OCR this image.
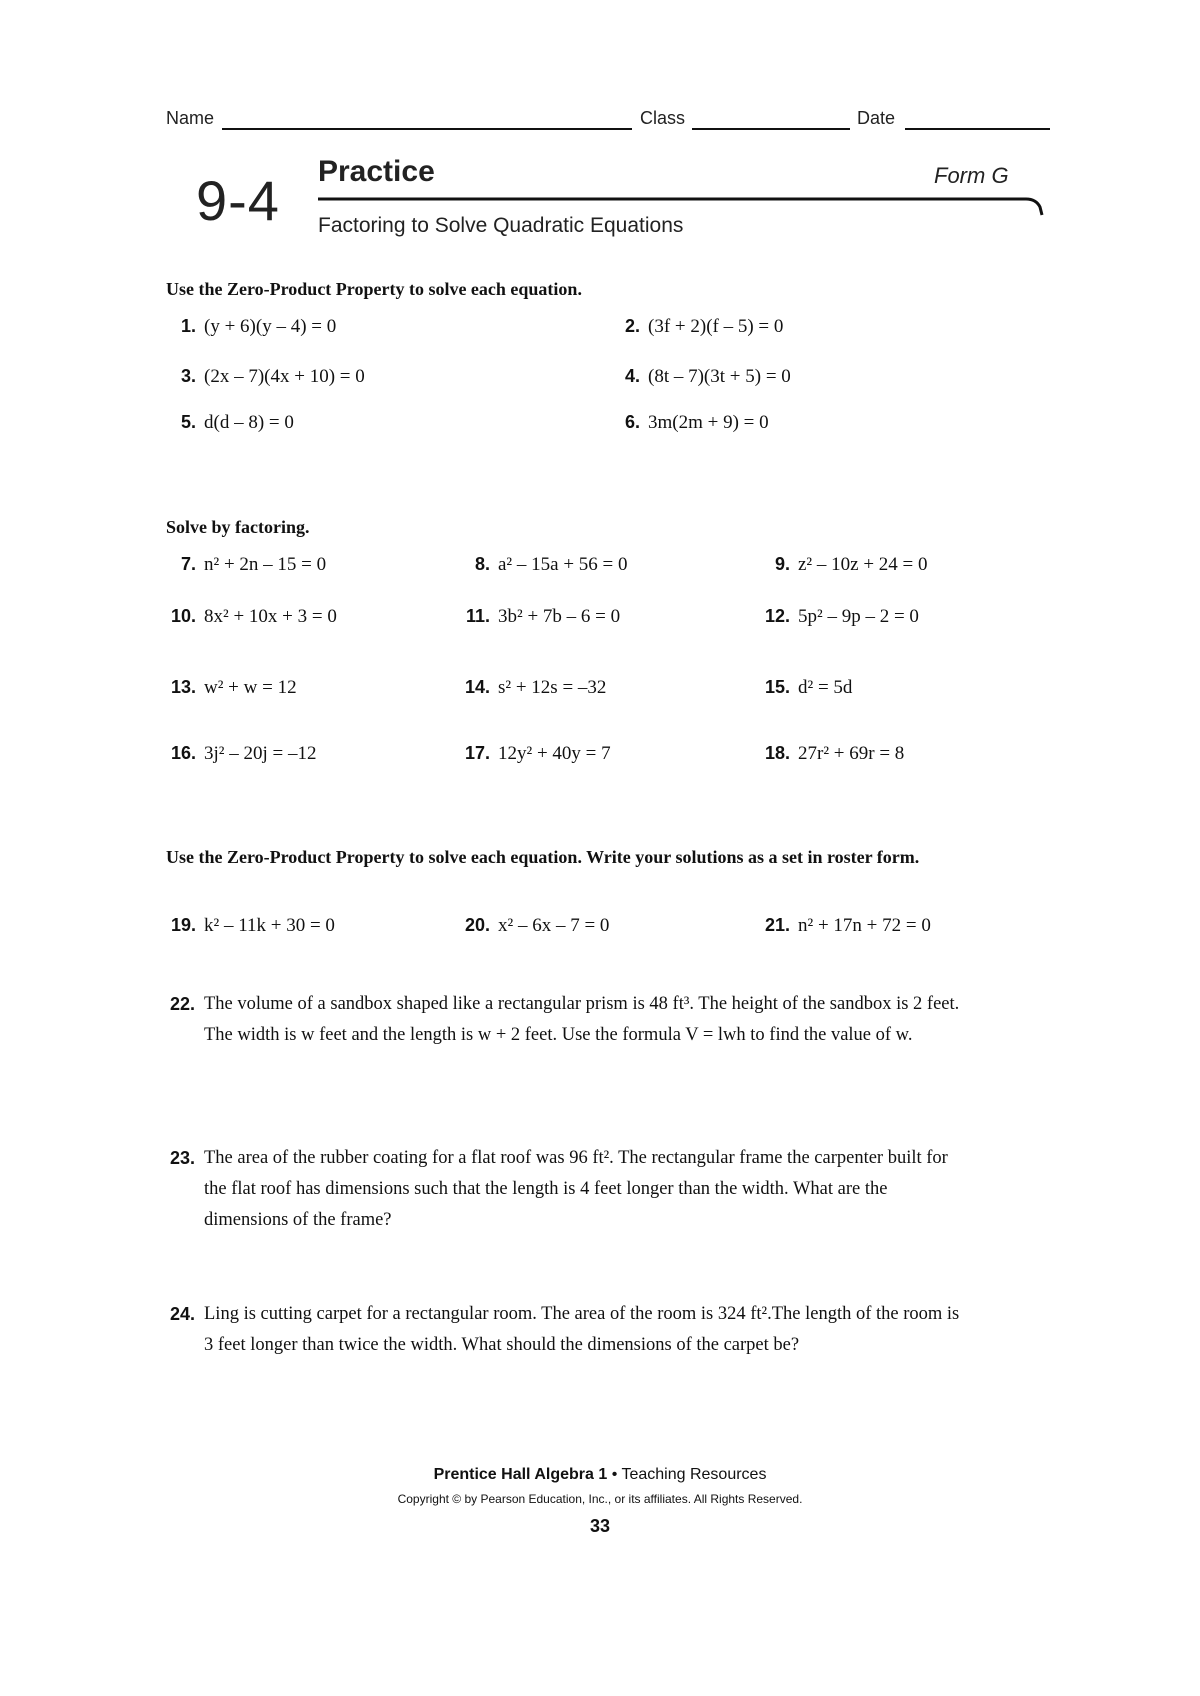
Name	Class	Date
9-4 Practice	Form G
Factoring to Solve Quadratic Equations
Use the Zero-Product Property to solve each equation.
1. (y + 6)(y – 4) = 0	2. (3f + 2)(f – 5) = 0
3. (2x – 7)(4x + 10) = 0	4. (8t – 7)(3t + 5) = 0
5. d(d – 8) = 0	6. 3m(2m + 9) = 0
Solve by factoring.
7. n² + 2n – 15 = 0	8. a² – 15a + 56 = 0	9. z² – 10z + 24 = 0
10. 8x² + 10x + 3 = 0	11. 3b² + 7b – 6 = 0	12. 5p² – 9p – 2 = 0
13. w² + w = 12	14. s² + 12s = –32	15. d² = 5d
16. 3j² – 20j = –12	17. 12y² + 40y = 7	18. 27r² + 69r = 8
Use the Zero-Product Property to solve each equation. Write your solutions as a set in roster form.
19. k² – 11k + 30 = 0	20. x² – 6x – 7 = 0	21. n² + 17n + 72 = 0
22. The volume of a sandbox shaped like a rectangular prism is 48 ft³. The height of the sandbox is 2 feet. The width is w feet and the length is w + 2 feet. Use the formula V = lwh to find the value of w.
23. The area of the rubber coating for a flat roof was 96 ft². The rectangular frame the carpenter built for the flat roof has dimensions such that the length is 4 feet longer than the width. What are the dimensions of the frame?
24. Ling is cutting carpet for a rectangular room. The area of the room is 324 ft².The length of the room is 3 feet longer than twice the width. What should the dimensions of the carpet be?
Prentice Hall Algebra 1 • Teaching Resources
Copyright © by Pearson Education, Inc., or its affiliates. All Rights Reserved.
33
